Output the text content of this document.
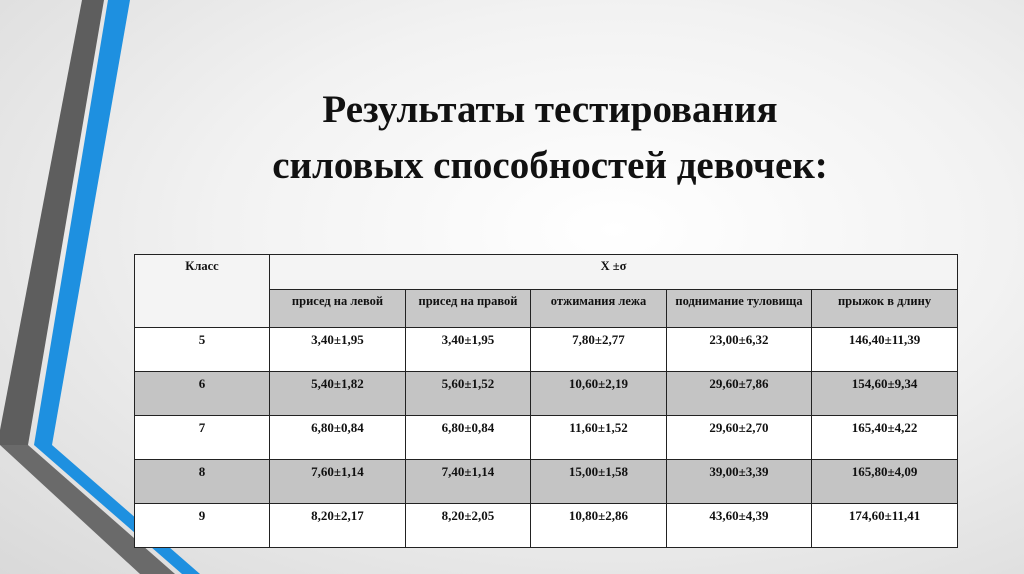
Результаты тестирования
силовых способностей девочек:
Класс	Х ±σ				
	присед на левой	присед на правой	отжимания лежа	поднимание туловища	прыжок в длину
5	3,40±1,95	3,40±1,95	7,80±2,77	23,00±6,32	146,40±11,39
6	5,40±1,82	5,60±1,52	10,60±2,19	29,60±7,86	154,60±9,34
7	6,80±0,84	6,80±0,84	11,60±1,52	29,60±2,70	165,40±4,22
8	7,60±1,14	7,40±1,14	15,00±1,58	39,00±3,39	165,80±4,09
9	8,20±2,17	8,20±2,05	10,80±2,86	43,60±4,39	174,60±11,41
